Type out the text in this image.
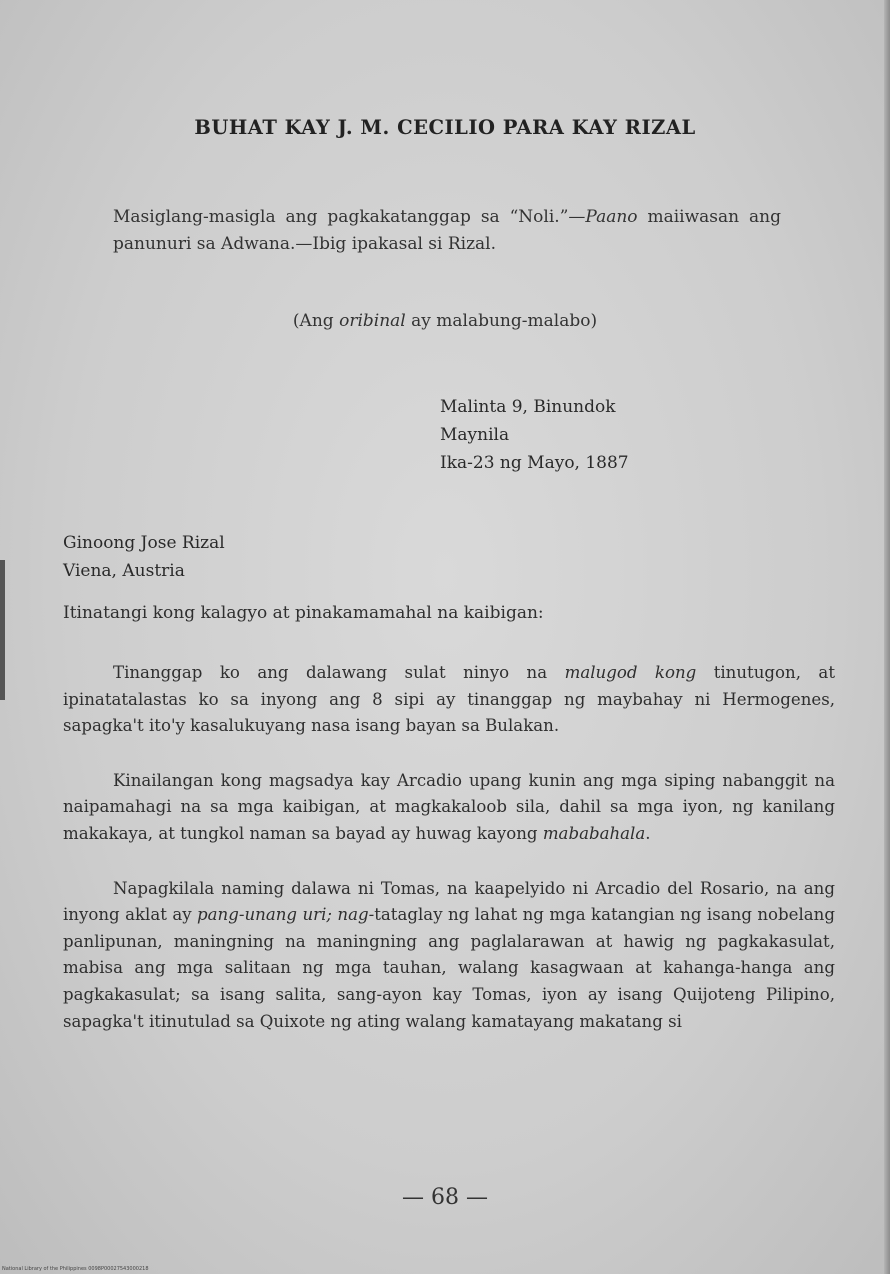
BUHAT KAY J. M. CECILIO PARA KAY RIZAL
Masiglang-masigla ang pagkakatanggap sa “Noli.”—Paano maiiwasan ang panunuri sa Adwana.—Ibig ipakasal si Rizal.
(Ang oribinal ay malabung-malabo)
Malinta 9, Binundok
Maynila
Ika-23 ng Mayo, 1887
Ginoong Jose Rizal
Viena, Austria
Itinatangi kong kalagyo at pinakamamahal na kaibigan:

Tinanggap ko ang dalawang sulat ninyo na malugod kong tinutugon, at ipinatatalastas ko sa inyong ang 8 sipi ay tinanggap ng maybahay ni Hermogenes, sapagka't ito'y kasalukuyang nasa isang bayan sa Bulakan.

Kinailangan kong magsadya kay Arcadio upang kunin ang mga siping nabanggit na naipamahagi na sa mga kaibigan, at magkakaloob sila, dahil sa mga iyon, ng kanilang makakaya, at tungkol naman sa bayad ay huwag kayong mababahala.

Napagkilala naming dalawa ni Tomas, na kaapelyido ni Arcadio del Rosario, na ang inyong aklat ay pang-unang uri; nag-tataglay ng lahat ng mga katangian ng isang nobelang panlipunan, maningning na maningning ang paglalarawan at hawig ng pagkakasulat, mabisa ang mga salitaan ng mga tauhan, walang kasagwaan at kahanga-hanga ang pagkakasulat; sa isang salita, sang-ayon kay Tomas, iyon ay isang Quijoteng Pilipino, sapagka't itinutulad sa Quixote ng ating walang kamatayang makatang si

— 68 —
National Library of the Philippines 0098P00027543000218
